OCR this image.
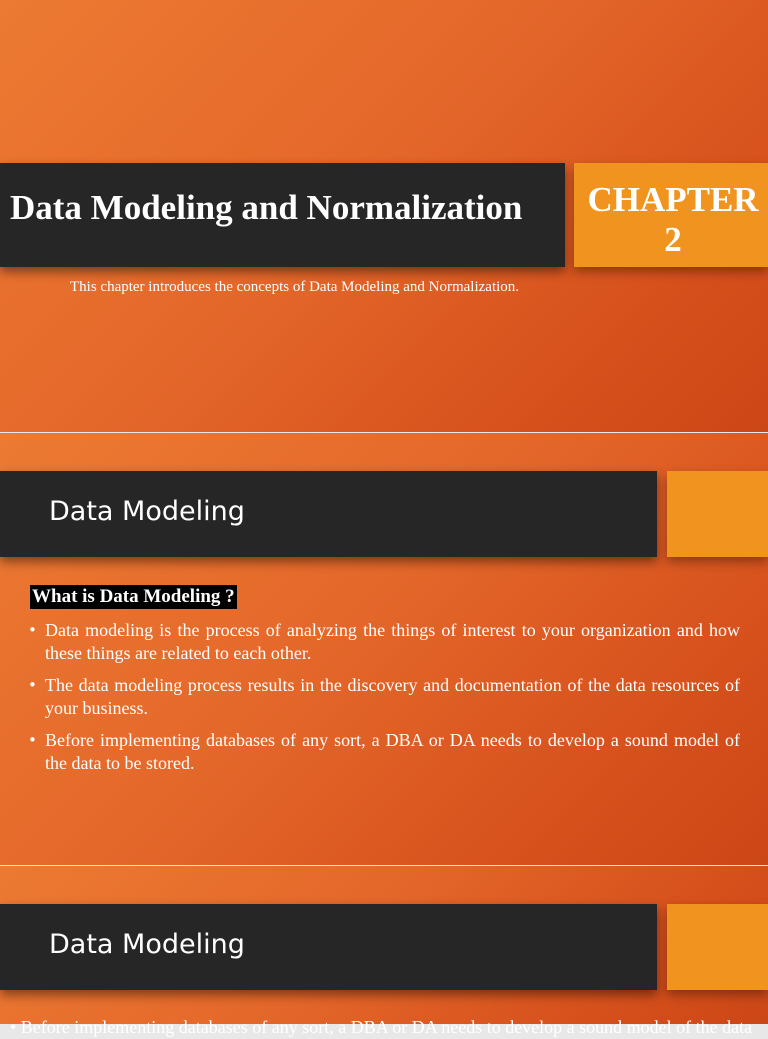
Data Modeling and Normalization	CHAPTER
2
This chapter introduces the concepts of Data Modeling and Normalization.
Data Modeling
What is Data Modeling ?
• Data modeling is the process of analyzing the things of interest to your organization and how these things are related to each other.
• The data modeling process results in the discovery and documentation of the data resources of your business.
• Before implementing databases of any sort, a DBA or DA needs to develop a sound model of the data to be stored.
Data Modeling
• Before implementing databases of any sort, a DBA or DA needs to develop a sound model of the data
